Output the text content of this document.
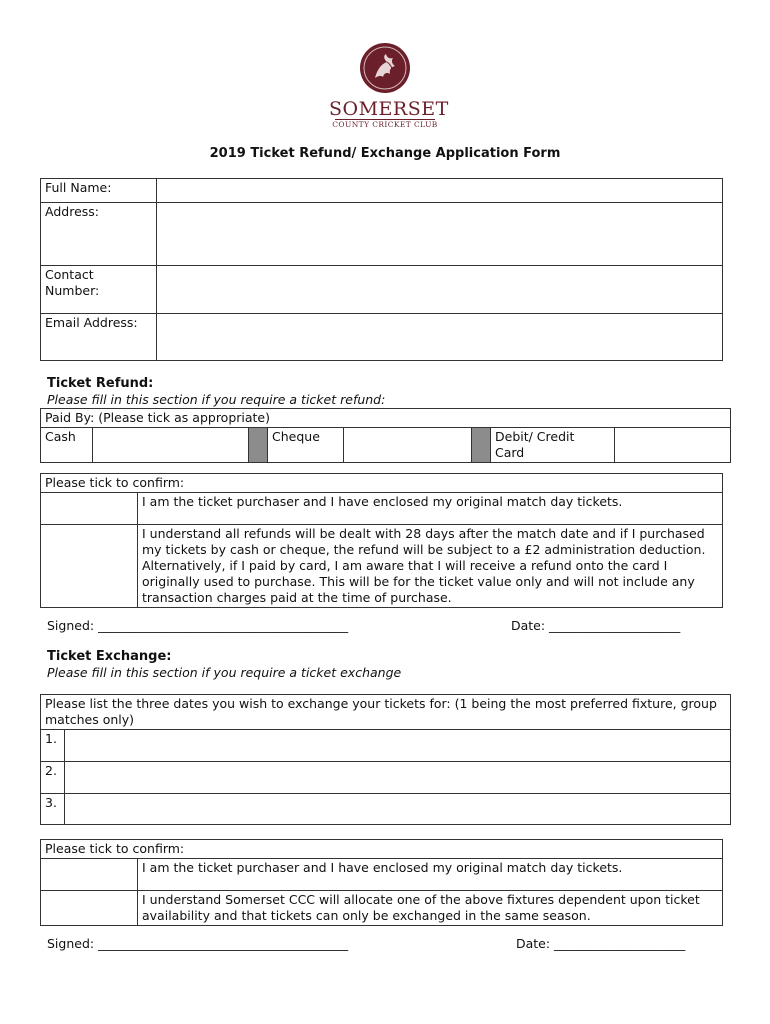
SOMERSET
COUNTY CRICKET CLUB
2019 Ticket Refund/ Exchange Application Form
Full Name:	
Address:	

Contact
Number:	

Email Address:	
Ticket Refund:
Please fill in this section if you require a ticket refund:
Paid By: (Please tick as appropriate)
Cash			Cheque			Debit/ Credit
Card

Please tick to confirm:	
	I am the ticket purchaser and I have enclosed my original match day tickets.
	I understand all refunds will be dealt with 28 days after the match date and if I purchased my tickets by cash or cheque, the refund will be subject to a £2 administration deduction. Alternatively, if I paid by card, I am aware that I will receive a refund onto the card I originally used to purchase. This will be for the ticket value only and will not include any transaction charges paid at the time of purchase.
Signed: ________________________________________	Date: _____________________
Ticket Exchange:
Please fill in this section if you require a ticket exchange
Please list the three dates you wish to exchange your tickets for: (1 being the most preferred fixture, group matches only)	
1.	
2.	
3.	
Please tick to confirm:	
	I am the ticket purchaser and I have enclosed my original match day tickets.
	I understand Somerset CCC will allocate one of the above fixtures dependent upon ticket availability and that tickets can only be exchanged in the same season.
Signed: ________________________________________	Date: _____________________
